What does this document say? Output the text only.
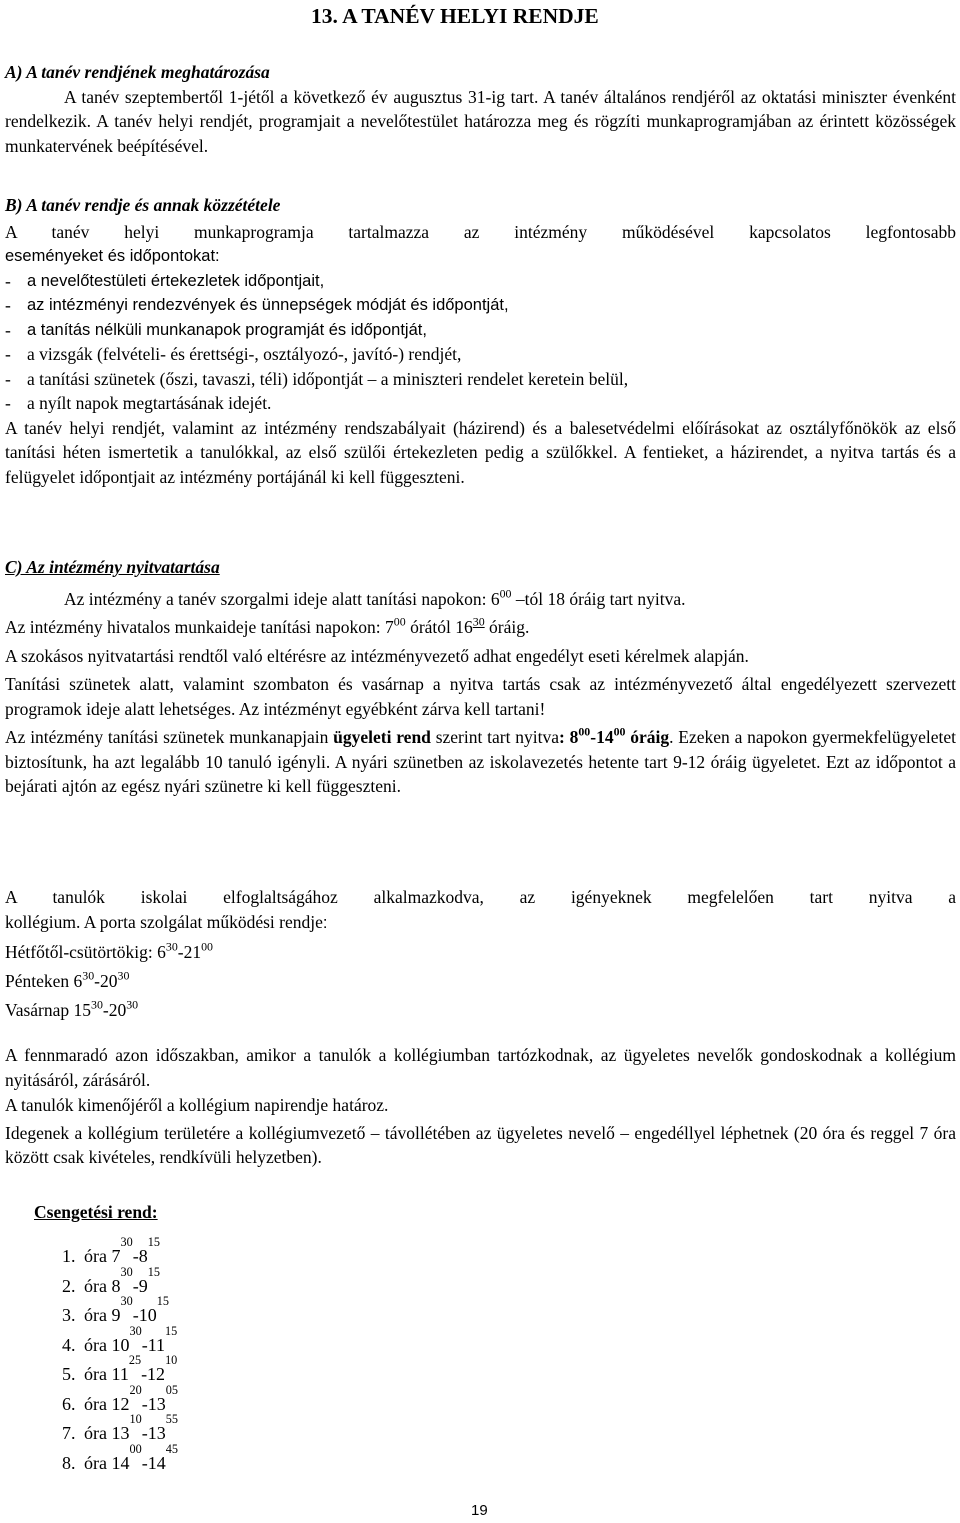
13. A TANÉV HELYI RENDJE
A) A tanév rendjének meghatározása
A tanév szeptembertől 1-jétől a következő év augusztus 31-ig tart. A tanév általános rendjéről az oktatási miniszter évenként rendelkezik. A tanév helyi rendjét, programjait a nevelőtestület határozza meg és rögzíti munkaprogramjában az érintett közösségek munkatervének beépítésével.
B) A tanév rendje és annak közzététele
A tanév helyi munkaprogramja tartalmazza az intézmény működésével kapcsolatos legfontosabb
eseményeket és időpontokat:
- a nevelőtestületi értekezletek időpontjait,
- az intézményi rendezvények és ünnepségek módját és időpontját,
- a tanítás nélküli munkanapok programját és időpontját,
- a vizsgák (felvételi- és érettségi-, osztályozó-, javító-) rendjét,
- a tanítási szünetek (őszi, tavaszi, téli) időpontját – a miniszteri rendelet keretein belül,
- a nyílt napok megtartásának idejét.
A tanév helyi rendjét, valamint az intézmény rendszabályait (házirend) és a balesetvédelmi előírásokat az osztályfőnökök az első tanítási héten ismertetik a tanulókkal, az első szülői értekezleten pedig a szülőkkel. A fentieket, a házirendet, a nyitva tartás és a felügyelet időpontjait az intézmény portájánál ki kell függeszteni.
C) Az intézmény nyitvatartása
Az intézmény a tanév szorgalmi ideje alatt tanítási napokon: $6^{00}$ –tól 18 óráig tart nyitva.
Az intézmény hivatalos munkaideje tanítási napokon: $7^{00}$ órától $16^{30}$ óráig.
A szokásos nyitvatartási rendtől való eltérésre az intézményvezető adhat engedélyt eseti kérelmek alapján.
Tanítási szünetek alatt, valamint szombaton és vasárnap a nyitva tartás csak az intézményvezető által engedélyezett szervezett programok ideje alatt lehetséges. Az intézményt egyébként zárva kell tartani!
Az intézmény tanítási szünetek munkanapjain ügyeleti rend szerint tart nyitva: $8^{00}-14^{00}$ óráig. Ezeken a napokon gyermekfelügyeletet biztosítunk, ha azt legalább 10 tanuló igényli. A nyári szünetben az iskolavezetés hetente tart 9-12 óráig ügyeletet. Ezt az időpontot a bejárati ajtón az egész nyári szünetre ki kell függeszteni.
A tanulók iskolai elfoglaltságához alkalmazkodva, az igényeknek megfelelően tart nyitva a
kollégium. A porta szolgálat működési rendje:
Hétfőtől-csütörtökig: $6^{30}-21^{00}$
Pénteken $6^{30}-20^{30}$
Vasárnap $15^{30}-20^{30}$
A fennmaradó azon időszakban, amikor a tanulók a kollégiumban tartózkodnak, az ügyeletes nevelők gondoskodnak a kollégium nyitásáról, zárásáról.
A tanulók kimenőjéről a kollégium napirendje határoz.
Idegenek a kollégium területére a kollégiumvezető – távollétében az ügyeletes nevelő – engedéllyel léphetnek (20 óra és reggel 7 óra között csak kivételes, rendkívüli helyzetben).
Csengetési rend:
1. óra 7
30
-8
15
2. óra 8
30
-9
15
3. óra 9
30
-10
15
4. óra 10
30
-11
15
5. óra 11
25
-12
10
6. óra 12
20
-13
05
7. óra 13
10
-13
55
8. óra 14
00
-14
45
19
